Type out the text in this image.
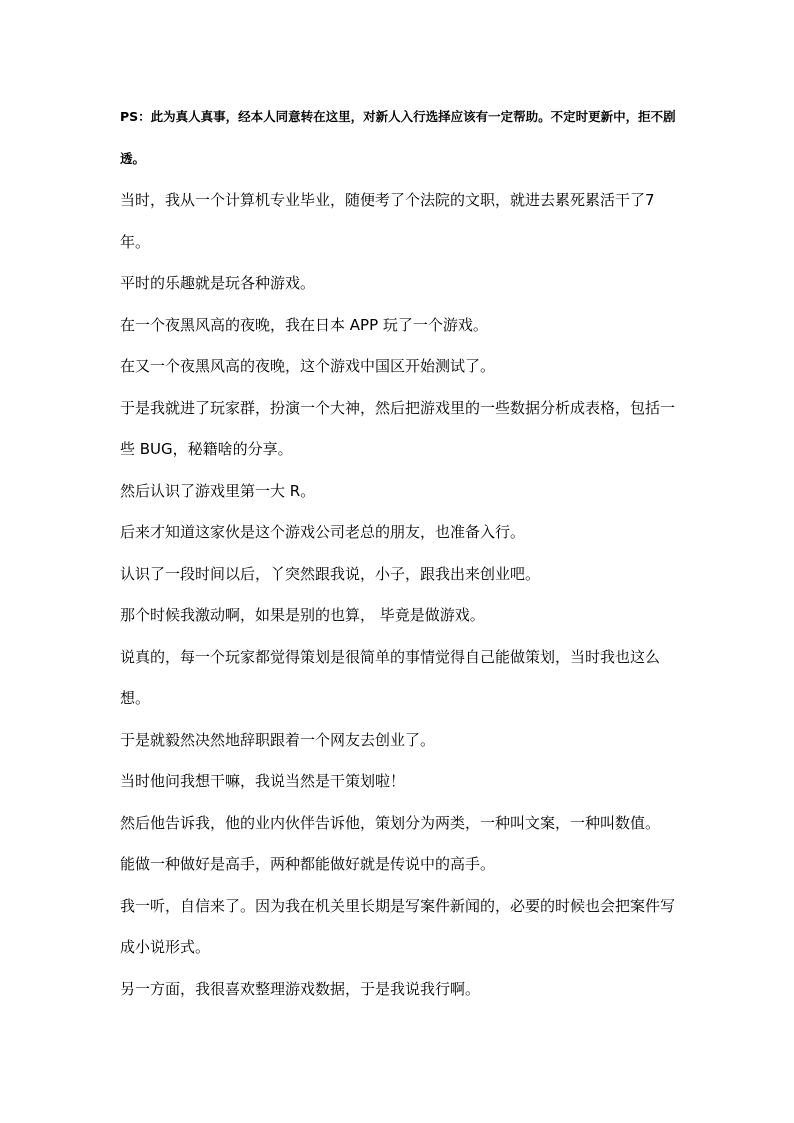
PS：此为真人真事，经本人同意转在这里，对新人入行选择应该有一定帮助。不定时更新中，拒不剧透。

当时，我从一个计算机专业毕业，随便考了个法院的文职，就进去累死累活干了7年。

平时的乐趣就是玩各种游戏。

在一个夜黑风高的夜晚，我在日本 APP 玩了一个游戏。

在又一个夜黑风高的夜晚，这个游戏中国区开始测试了。

于是我就进了玩家群，扮演一个大神，然后把游戏里的一些数据分析成表格，包括一些 BUG，秘籍啥的分享。

然后认识了游戏里第一大 R。

后来才知道这家伙是这个游戏公司老总的朋友，也准备入行。

认识了一段时间以后，丫突然跟我说，小子，跟我出来创业吧。

那个时候我激动啊，如果是别的也算， 毕竟是做游戏。

说真的，每一个玩家都觉得策划是很简单的事情觉得自己能做策划，当时我也这么想。

于是就毅然决然地辞职跟着一个网友去创业了。

当时他问我想干嘛，我说当然是干策划啦！

然后他告诉我，他的业内伙伴告诉他，策划分为两类，一种叫文案，一种叫数值。

能做一种做好是高手，两种都能做好就是传说中的高手。

我一听，自信来了。因为我在机关里长期是写案件新闻的，必要的时候也会把案件写成小说形式。

另一方面，我很喜欢整理游戏数据，于是我说我行啊。
